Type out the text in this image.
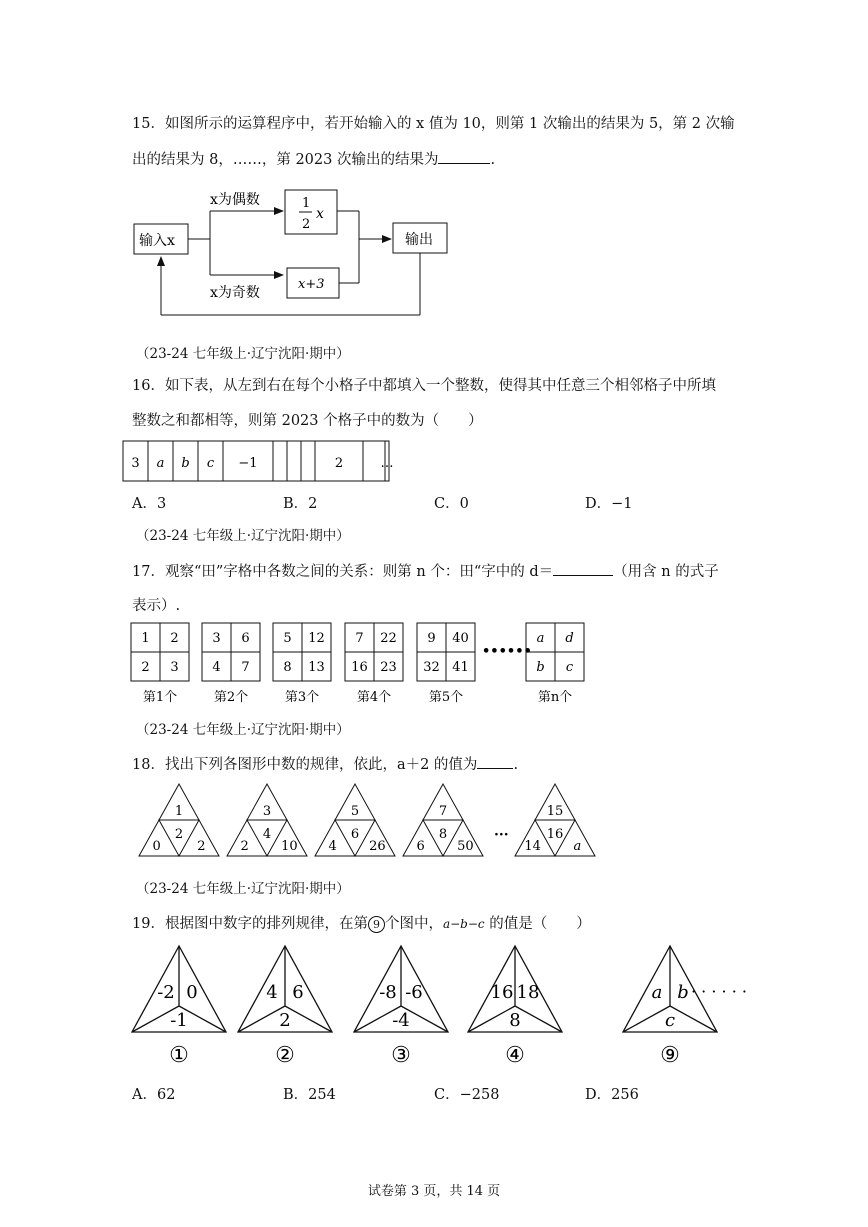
15．如图所示的运算程序中，若开始输入的 x 值为 10，则第 1 次输出的结果为 5，第 2 次输
出的结果为 8，……，第 2023 次输出的结果为	.
输入x
x为偶数
x为奇数
1
2
x
x+3
输出
（23-24 七年级上·辽宁沈阳·期中）
16．如下表，从左到右在每个小格子中都填入一个整数，使得其中任意三个相邻格子中所填
整数之和都相等，则第 2023 个格子中的数为（　　）
3 a b c −1	2	…
A．3	B．2	C．0	D．−1
（23-24 七年级上·辽宁沈阳·期中）
17．观察“田”字格中各数之间的关系：则第 n 个：田“字中的 d＝	（用含 n 的式子
表示）.
1 2
2 3
第1个
3 6
4 7
第2个
5 12
8 13
第3个
7 22
16 23
第4个
9 40
32 41
第5个
a d
b c
第n个
••••••
（23-24 七年级上·辽宁沈阳·期中）
18．找出下列各图形中数的规律，依此，a＋2 的值为 .
1
2
0	2
3
4
2 10
5
6
4 26
7
8
6 50
15
16
14	a
···
（23-24 七年级上·辽宁沈阳·期中）
19．根据图中数字的排列规律，在第 9 个图中，a−b−c 的值是（　　）
-2 0
-1
①
4 6
2
②
-8 -6
-4
③
16 18
8
④
a b
c
⑨
· · · · · ·
A．62	B．254	C．−258	D．256
试卷第 3 页，共 14 页
